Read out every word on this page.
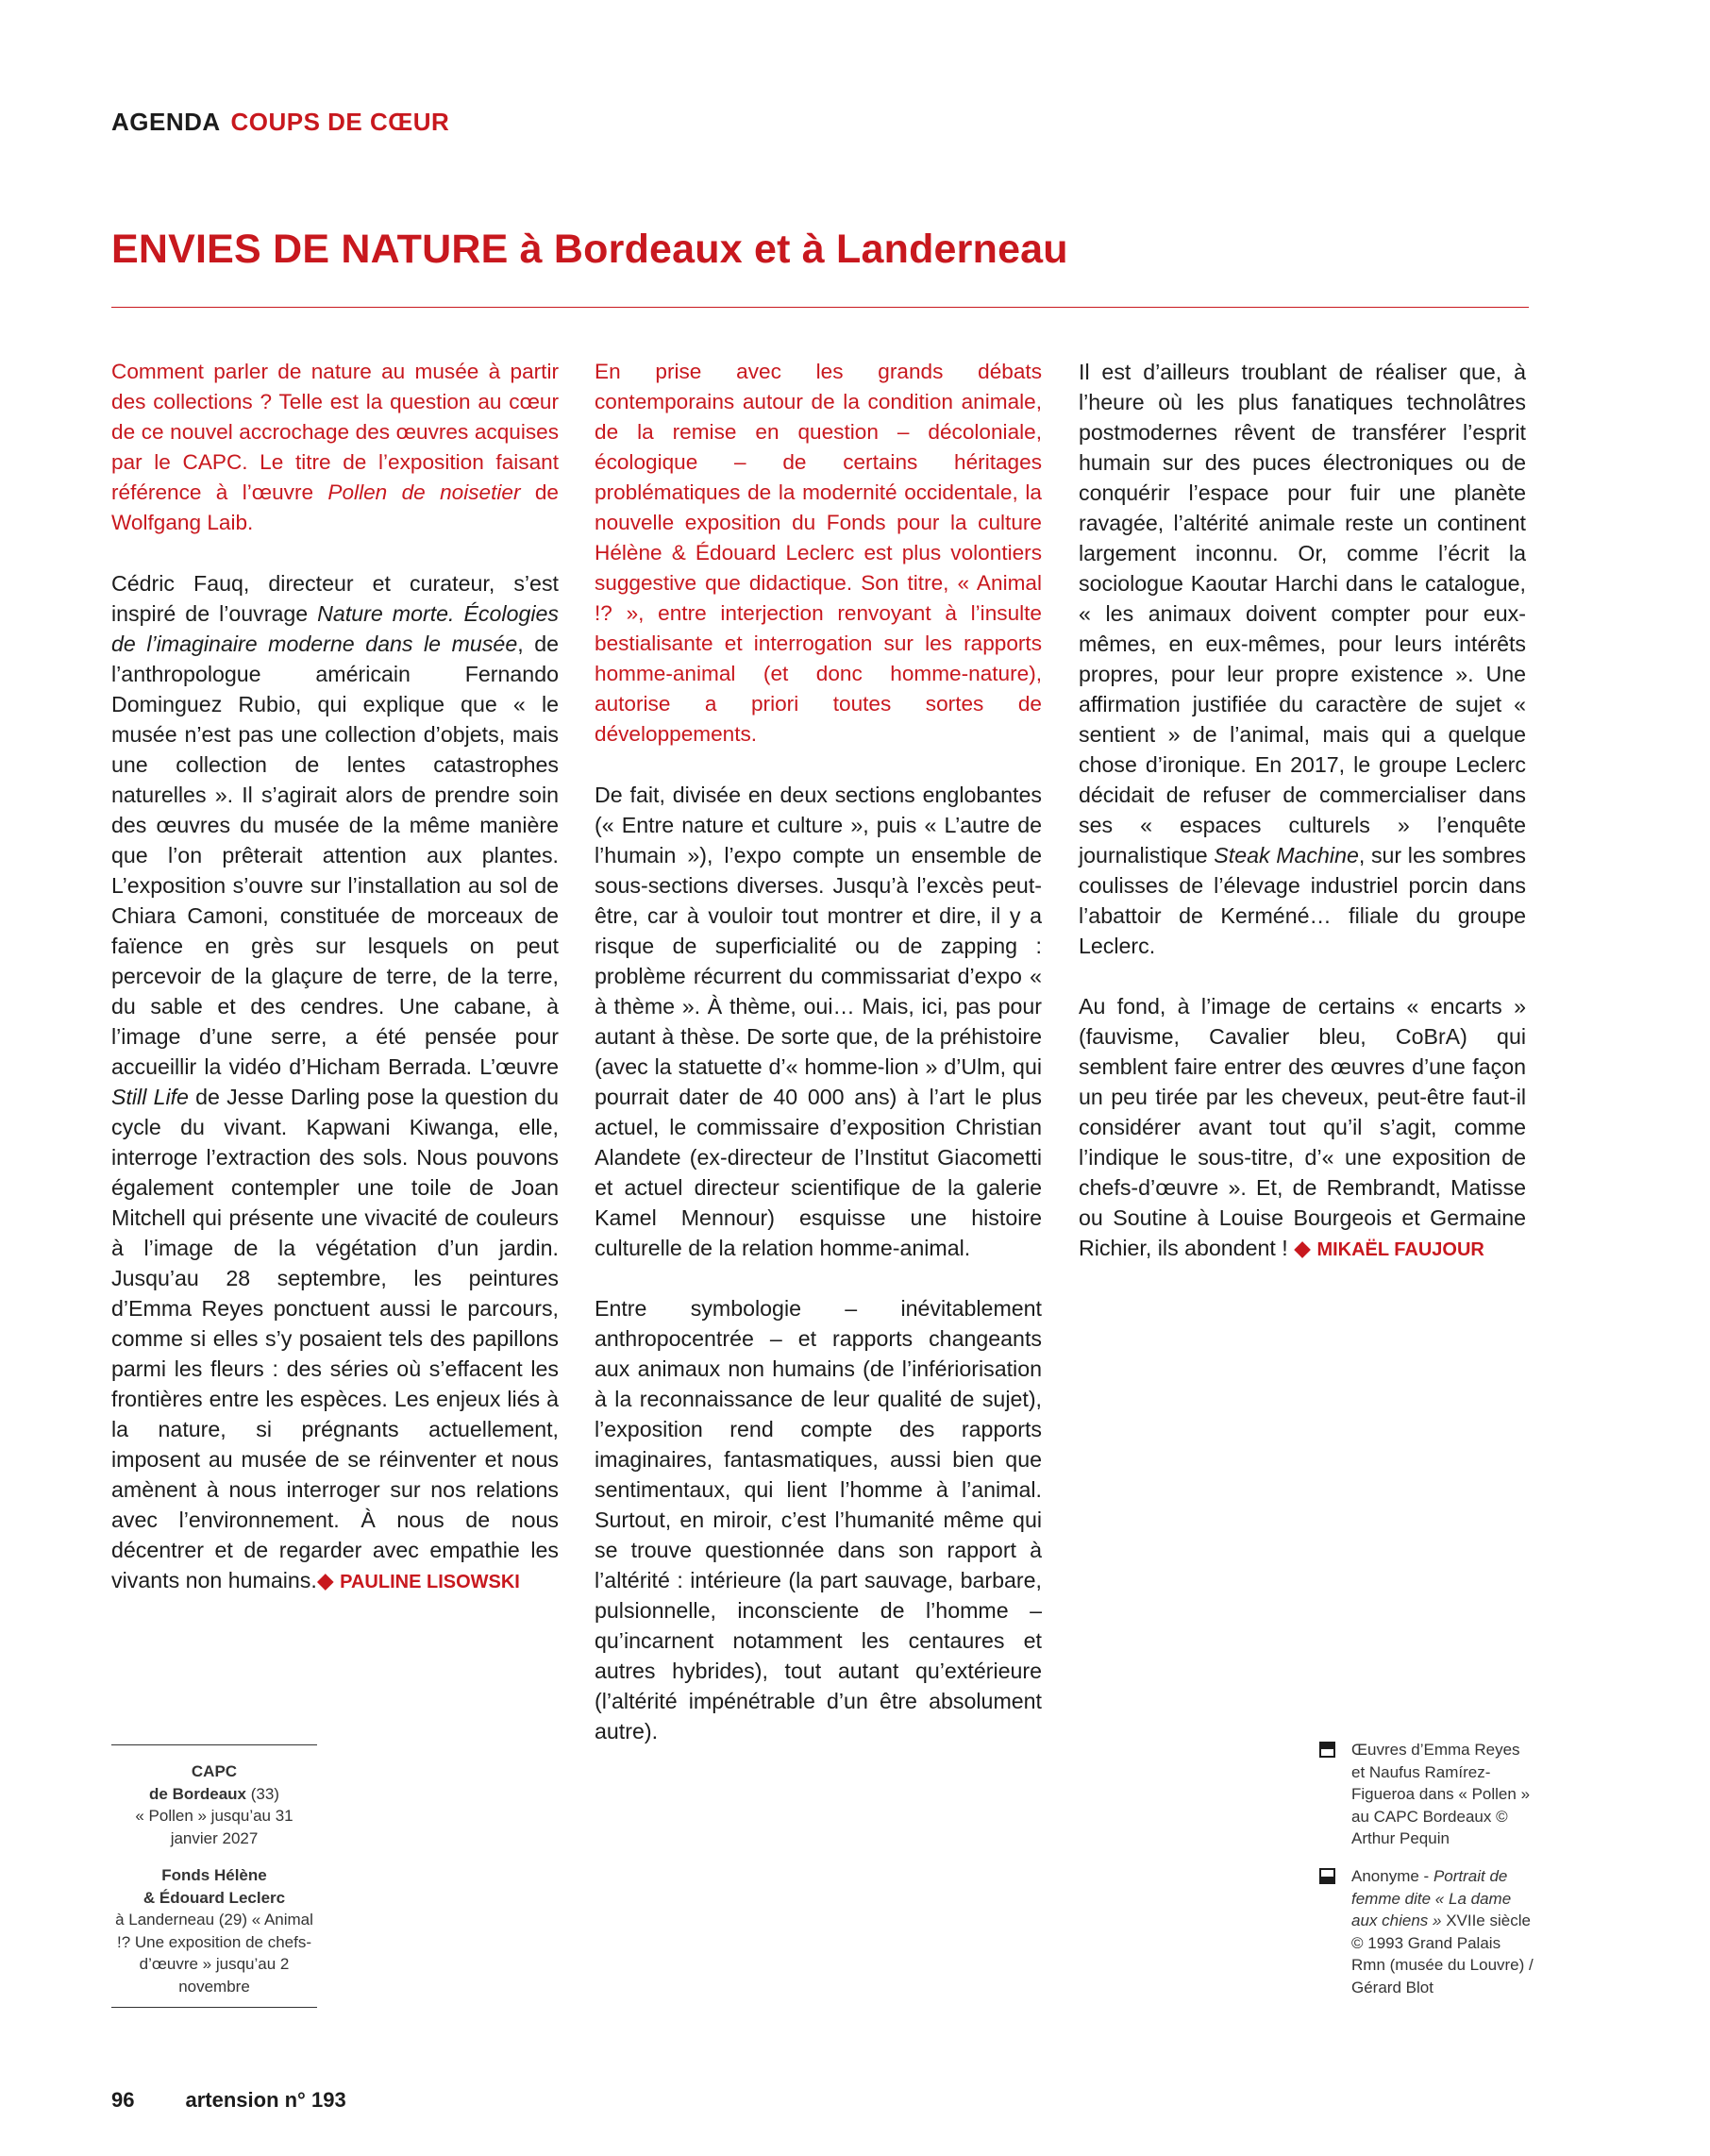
AGENDA COUPS DE CŒUR
ENVIES DE NATURE à Bordeaux et à Landerneau

Comment parler de nature au musée à partir des collections ? Telle est la question au cœur de ce nouvel accrochage des œuvres acquises par le CAPC. Le titre de l’exposition faisant référence à l’œuvre Pollen de noisetier de Wolfgang Laib.

Cédric Fauq, directeur et curateur, s’est inspiré de l’ouvrage Nature morte. Écologies de l’imaginaire moderne dans le musée, de l’anthropologue américain Fernando Dominguez Rubio, qui explique que « le musée n’est pas une collection d’objets, mais une collection de lentes catastrophes naturelles ». Il s’agirait alors de prendre soin des œuvres du musée de la même manière que l’on prêterait attention aux plantes. L’exposition s’ouvre sur l’installation au sol de Chiara Camoni, constituée de morceaux de faïence en grès sur lesquels on peut percevoir de la glaçure de terre, de la terre, du sable et des cendres. Une cabane, à l’image d’une serre, a été pensée pour accueillir la vidéo d’Hicham Berrada. L’œuvre Still Life de Jesse Darling pose la question du cycle du vivant. Kapwani Kiwanga, elle, interroge l’extraction des sols. Nous pouvons également contempler une toile de Joan Mitchell qui présente une vivacité de couleurs à l’image de la végétation d’un jardin. Jusqu’au 28 septembre, les peintures d’Emma Reyes ponctuent aussi le parcours, comme si elles s’y posaient tels des papillons parmi les fleurs : des séries où s’effacent les frontières entre les espèces. Les enjeux liés à la nature, si prégnants actuellement, imposent au musée de se réinventer et nous amènent à nous interroger sur nos relations avec l’environnement. À nous de nous décentrer et de regarder avec empathie les vivants non humains.◆ PAULINE LISOWSKI

En prise avec les grands débats contemporains autour de la condition animale, de la remise en question – décoloniale, écologique – de certains héritages problématiques de la modernité occidentale, la nouvelle exposition du Fonds pour la culture Hélène & Édouard Leclerc est plus volontiers suggestive que didactique. Son titre, « Animal !? », entre interjection renvoyant à l’insulte bestialisante et interrogation sur les rapports homme-animal (et donc homme-nature), autorise a priori toutes sortes de développements.

De fait, divisée en deux sections englobantes (« Entre nature et culture », puis « L’autre de l’humain »), l’expo compte un ensemble de sous-sections diverses. Jusqu’à l’excès peut-être, car à vouloir tout montrer et dire, il y a risque de superficialité ou de zapping : problème récurrent du commissariat d’expo « à thème ». À thème, oui… Mais, ici, pas pour autant à thèse. De sorte que, de la préhistoire (avec la statuette d’« homme-lion » d’Ulm, qui pourrait dater de 40 000 ans) à l’art le plus actuel, le commissaire d’exposition Christian Alandete (ex-directeur de l’Institut Giacometti et actuel directeur scientifique de la galerie Kamel Mennour) esquisse une histoire culturelle de la relation homme-animal.

Entre symbologie – inévitablement anthropocentrée – et rapports changeants aux animaux non humains (de l’infériorisation à la reconnaissance de leur qualité de sujet), l’exposition rend compte des rapports imaginaires, fantasmatiques, aussi bien que sentimentaux, qui lient l’homme à l’animal. Surtout, en miroir, c’est l’humanité même qui se trouve questionnée dans son rapport à l’altérité : intérieure (la part sauvage, barbare, pulsionnelle, inconsciente de l’homme – qu’incarnent notamment les centaures et autres hybrides), tout autant qu’extérieure (l’altérité impénétrable d’un être absolument autre).

Il est d’ailleurs troublant de réaliser que, à l’heure où les plus fanatiques technolâtres postmodernes rêvent de transférer l’esprit humain sur des puces électroniques ou de conquérir l’espace pour fuir une planète ravagée, l’altérité animale reste un continent largement inconnu. Or, comme l’écrit la sociologue Kaoutar Harchi dans le catalogue, « les animaux doivent compter pour eux-mêmes, en eux-mêmes, pour leurs intérêts propres, pour leur propre existence ». Une affirmation justifiée du caractère de sujet « sentient » de l’animal, mais qui a quelque chose d’ironique. En 2017, le groupe Leclerc décidait de refuser de commercialiser dans ses « espaces culturels » l’enquête journalistique Steak Machine, sur les sombres coulisses de l’élevage industriel porcin dans l’abattoir de Kerméné… filiale du groupe Leclerc.

Au fond, à l’image de certains « encarts » (fauvisme, Cavalier bleu, CoBrA) qui semblent faire entrer des œuvres d’une façon un peu tirée par les cheveux, peut-être faut-il considérer avant tout qu’il s’agit, comme l’indique le sous-titre, d’« une exposition de chefs-d’œuvre ». Et, de Rembrandt, Matisse ou Soutine à Louise Bourgeois et Germaine Richier, ils abondent ! ◆ MIKAËL FAUJOUR

CAPC
de Bordeaux (33)
« Pollen » jusqu’au 31 janvier 2027

Fonds Hélène
& Édouard Leclerc
à Landerneau (29) « Animal !? Une exposition de chefs-d’œuvre » jusqu’au 2 novembre

Œuvres d’Emma Reyes et Naufus Ramírez-Figueroa dans « Pollen » au CAPC Bordeaux © Arthur Pequin
Anonyme - Portrait de femme dite « La dame aux chiens » XVIIe siècle © 1993 Grand Palais Rmn (musée du Louvre) / Gérard Blot
96 artension n° 193
